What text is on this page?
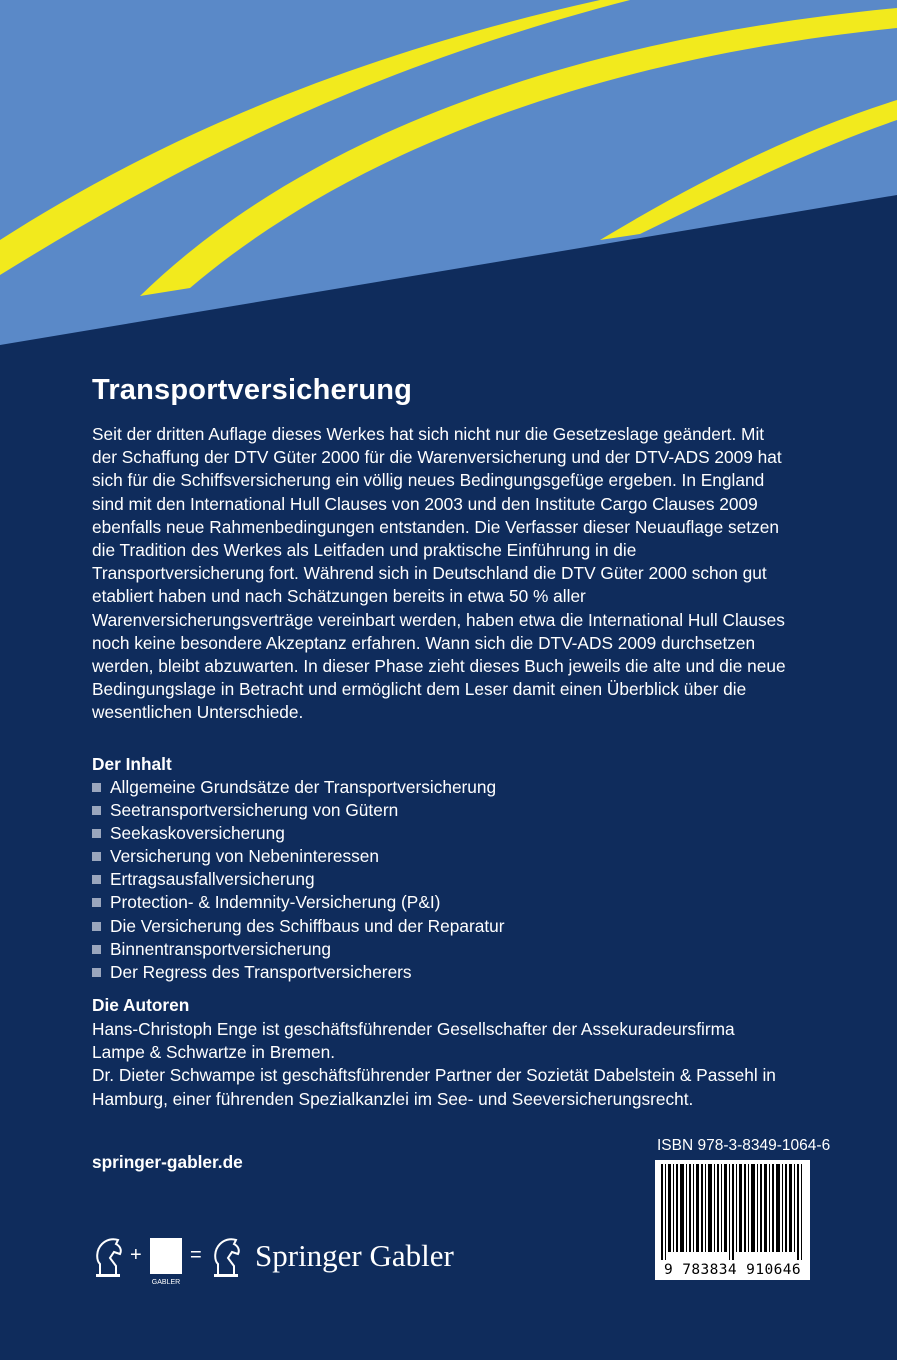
Transportversicherung

Seit der dritten Auflage dieses Werkes hat sich nicht nur die Gesetzeslage geändert. Mit der Schaffung der DTV Güter 2000 für die Warenversicherung und der DTV-ADS 2009 hat sich für die Schiffsversicherung ein völlig neues Bedingungsgefüge ergeben. In England sind mit den International Hull Clauses von 2003 und den Institute Cargo Clauses 2009 ebenfalls neue Rahmenbedingungen entstanden. Die Verfasser dieser Neuauflage setzen die Tradition des Werkes als Leitfaden und praktische Einführung in die Transportversicherung fort. Während sich in Deutschland die DTV Güter 2000 schon gut etabliert haben und nach Schätzungen bereits in etwa 50 % aller Warenversicherungsverträge vereinbart werden, haben etwa die International Hull Clauses noch keine besondere Akzeptanz erfahren. Wann sich die DTV-ADS 2009 durchsetzen werden, bleibt abzuwarten. In dieser Phase zieht dieses Buch jeweils die alte und die neue Bedingungslage in Betracht und ermöglicht dem Leser damit einen Überblick über die wesentlichen Unterschiede.

Der Inhalt
Allgemeine Grundsätze der Transportversicherung
Seetransportversicherung von Gütern
Seekaskoversicherung
Versicherung von Nebeninteressen
Ertragsausfallversicherung
Protection- & Indemnity-Versicherung (P&I)
Die Versicherung des Schiffbaus und der Reparatur
Binnentransportversicherung
Der Regress des Transportversicherers
Die Autoren
Hans-Christoph Enge ist geschäftsführender Gesellschafter der Assekuradeursfirma Lampe & Schwartze in Bremen.
Dr. Dieter Schwampe ist geschäftsführender Partner der Sozietät Dabelstein & Passehl in Hamburg, einer führenden Spezialkanzlei im See- und Seeversicherungsrecht.
springer-gabler.de
ISBN 978-3-8349-1064-6
9 783834 910646
+
GABLER
= Springer Gabler
